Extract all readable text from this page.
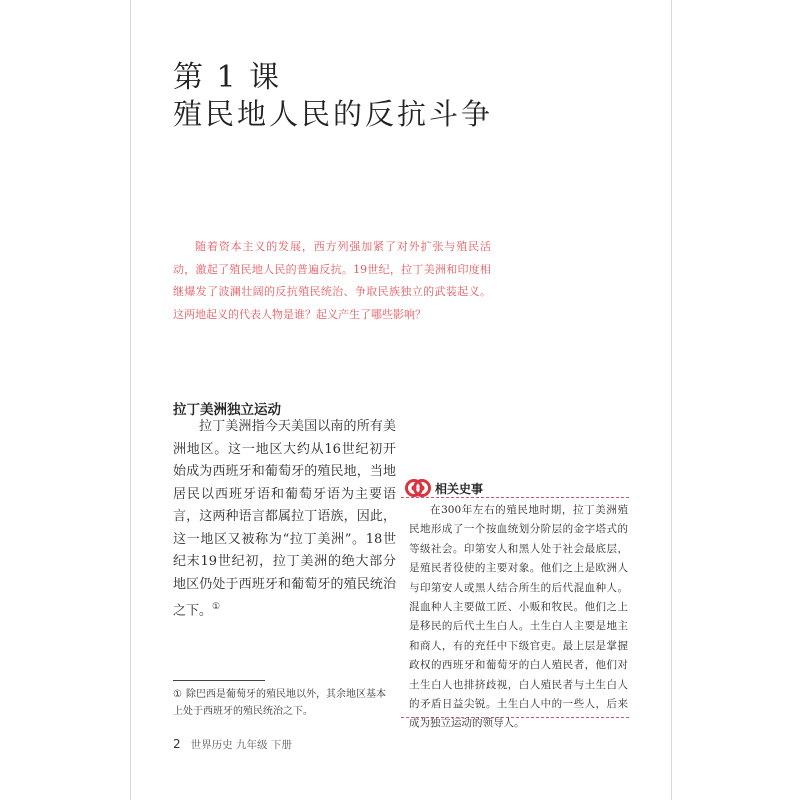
第 1 课
殖民地人民的反抗斗争
随着资本主义的发展，西方列强加紧了对外扩张与殖民活动，激起了殖民地人民的普遍反抗。19世纪，拉丁美洲和印度相继爆发了波澜壮阔的反抗殖民统治、争取民族独立的武装起义。这两地起义的代表人物是谁？起义产生了哪些影响？
拉丁美洲独立运动
拉丁美洲指今天美国以南的所有美洲地区。这一地区大约从16世纪初开始成为西班牙和葡萄牙的殖民地，当地居民以西班牙语和葡萄牙语为主要语言，这两种语言都属拉丁语族，因此，这一地区又被称为“拉丁美洲”。18世纪末19世纪初，拉丁美洲的绝大部分地区仍处于西班牙和葡萄牙的殖民统治之下。①
① 除巴西是葡萄牙的殖民地以外，其余地区基本上处于西班牙的殖民统治之下。
相关史事
在300年左右的殖民地时期，拉丁美洲殖民地形成了一个按血统划分阶层的金字塔式的等级社会。印第安人和黑人处于社会最底层，是殖民者役使的主要对象。他们之上是欧洲人与印第安人或黑人结合所生的后代混血种人。混血种人主要做工匠、小贩和牧民。他们之上是移民的后代土生白人。土生白人主要是地主和商人，有的充任中下级官吏。最上层是掌握政权的西班牙和葡萄牙的白人殖民者，他们对土生白人也排挤歧视，白人殖民者与土生白人的矛盾日益尖锐。土生白人中的一些人，后来成为独立运动的领导人。
2 世界历史 九年级 下册
